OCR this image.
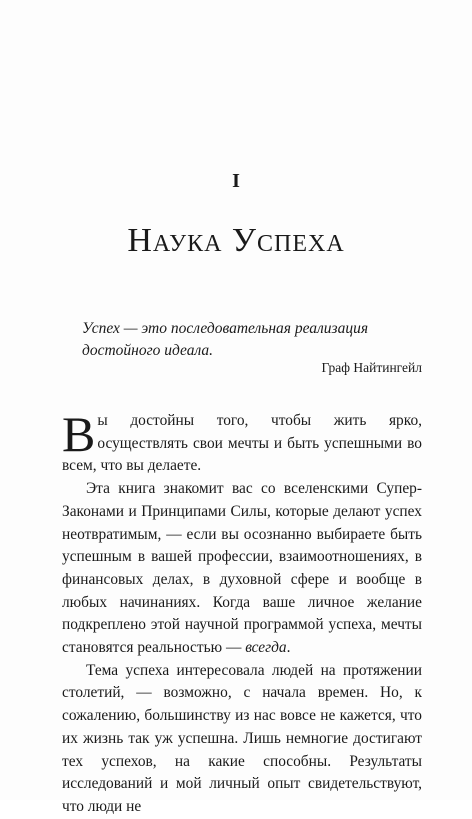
I
Наука Успеха
Успех — это последовательная реализация достойного идеала.
Граф Найтингейл

Вы достойны того, чтобы жить ярко, осуществлять свои мечты и быть успешными во всем, что вы делаете.

Эта книга знакомит вас со вселенскими Супер-Законами и Принципами Силы, которые делают успех неотвратимым, — если вы осознанно выбираете быть успешным в вашей профессии, взаимоотношениях, в финансовых делах, в духовной сфере и вообще в любых начинаниях. Когда ваше личное желание подкреплено этой научной программой успеха, мечты становятся реальностью — всегда.

Тема успеха интересовала людей на протяжении столетий, — возможно, с начала времен. Но, к сожалению, большинству из нас вовсе не кажется, что их жизнь так уж успешна. Лишь немногие достигают тех успехов, на какие способны. Результаты исследований и мой личный опыт свидетельствуют, что люди не
